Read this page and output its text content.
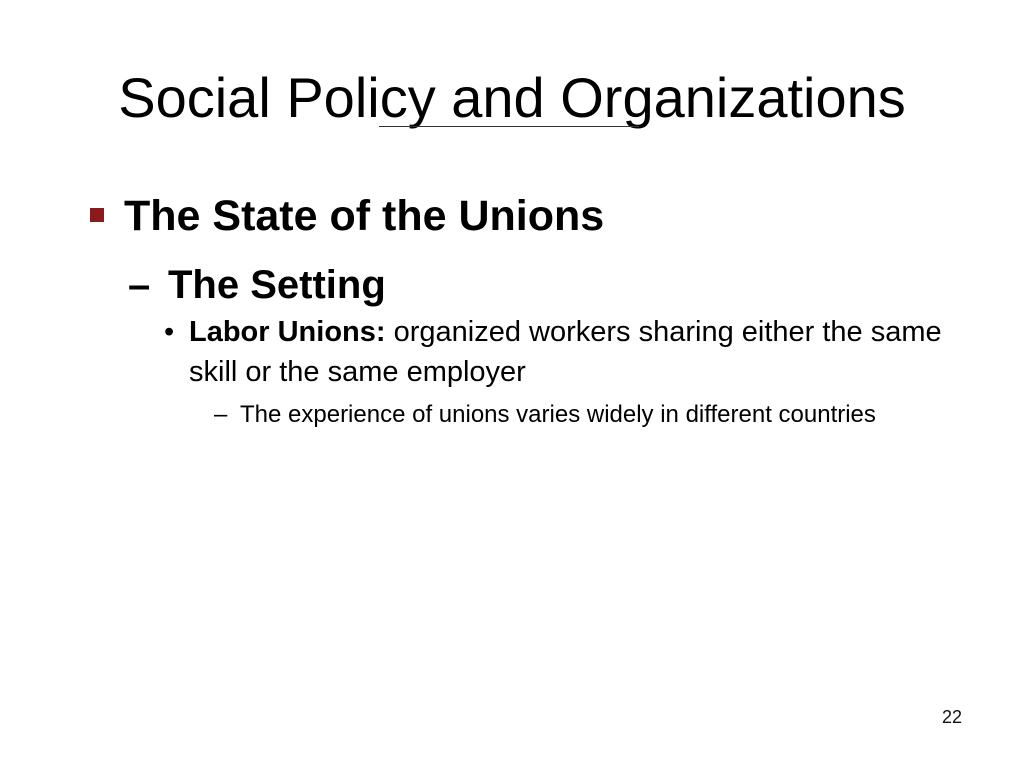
Social Policy and Organizations
The State of the Unions
– The Setting
• Labor Unions: organized workers sharing either the same skill or the same employer
– The experience of unions varies widely in different countries
22
